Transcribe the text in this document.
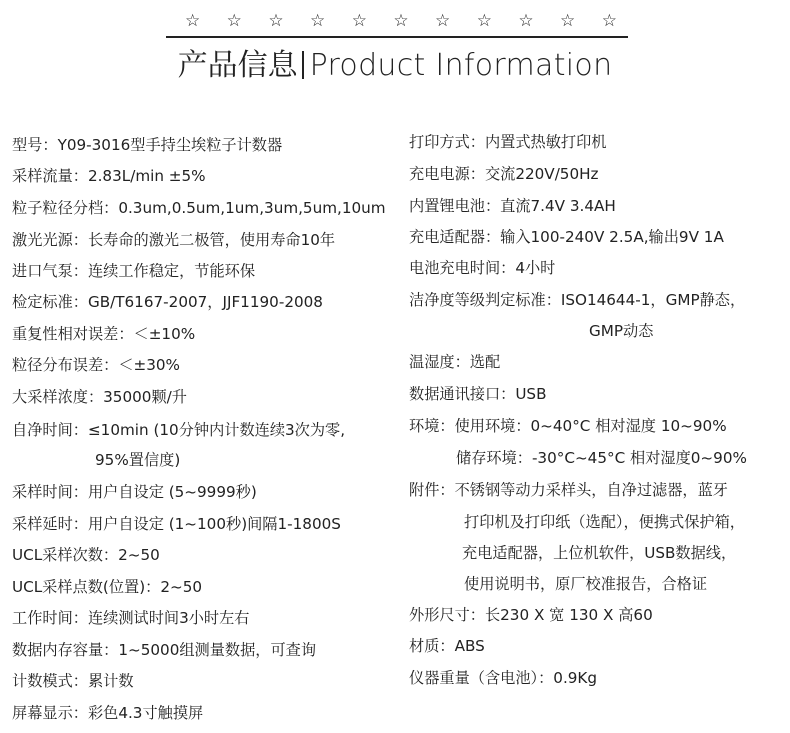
☆ ☆ ☆ ☆ ☆ ☆ ☆ ☆ ☆ ☆ ☆
产品信息 Product Information
型号：Y09-3016型手持尘埃粒子计数器
采样流量：2.83L/min ±5%
粒子粒径分档：0.3um,0.5um,1um,3um,5um,10um
激光光源：长寿命的激光二极管，使用寿命10年
进口气泵：连续工作稳定，节能环保
检定标准：GB/T6167-2007，JJF1190-2008
重复性相对误差：＜±10%
粒径分布误差：＜±30%
大采样浓度：35000颗/升
自净时间：≤10min (10分钟内计数连续3次为零,
95%置信度)
采样时间：用户自设定 (5~9999秒)
采样延时：用户自设定 (1~100秒)间隔1-1800S
UCL采样次数：2~50
UCL采样点数(位置)：2~50
工作时间：连续测试时间3小时左右
数据内存容量：1~5000组测量数据，可查询
计数模式：累计数
屏幕显示：彩色4.3寸触摸屏
打印方式：内置式热敏打印机
充电电源：交流220V/50Hz
内置锂电池：直流7.4V 3.4AH
充电适配器：输入100-240V 2.5A,输出9V 1A
电池充电时间：4小时
洁净度等级判定标准：ISO14644-1，GMP静态，
GMP动态
温湿度：选配
数据通讯接口：USB
环境：使用环境：0~40°C 相对湿度 10~90%
储存环境：-30°C~45°C 相对湿度0~90%
附件：不锈钢等动力采样头，自净过滤器，蓝牙
打印机及打印纸（选配），便携式保护箱，
充电适配器，上位机软件，USB数据线，
使用说明书，原厂校准报告，合格证
外形尺寸：长230 X 宽 130 X 高60
材质：ABS
仪器重量（含电池）：0.9Kg
